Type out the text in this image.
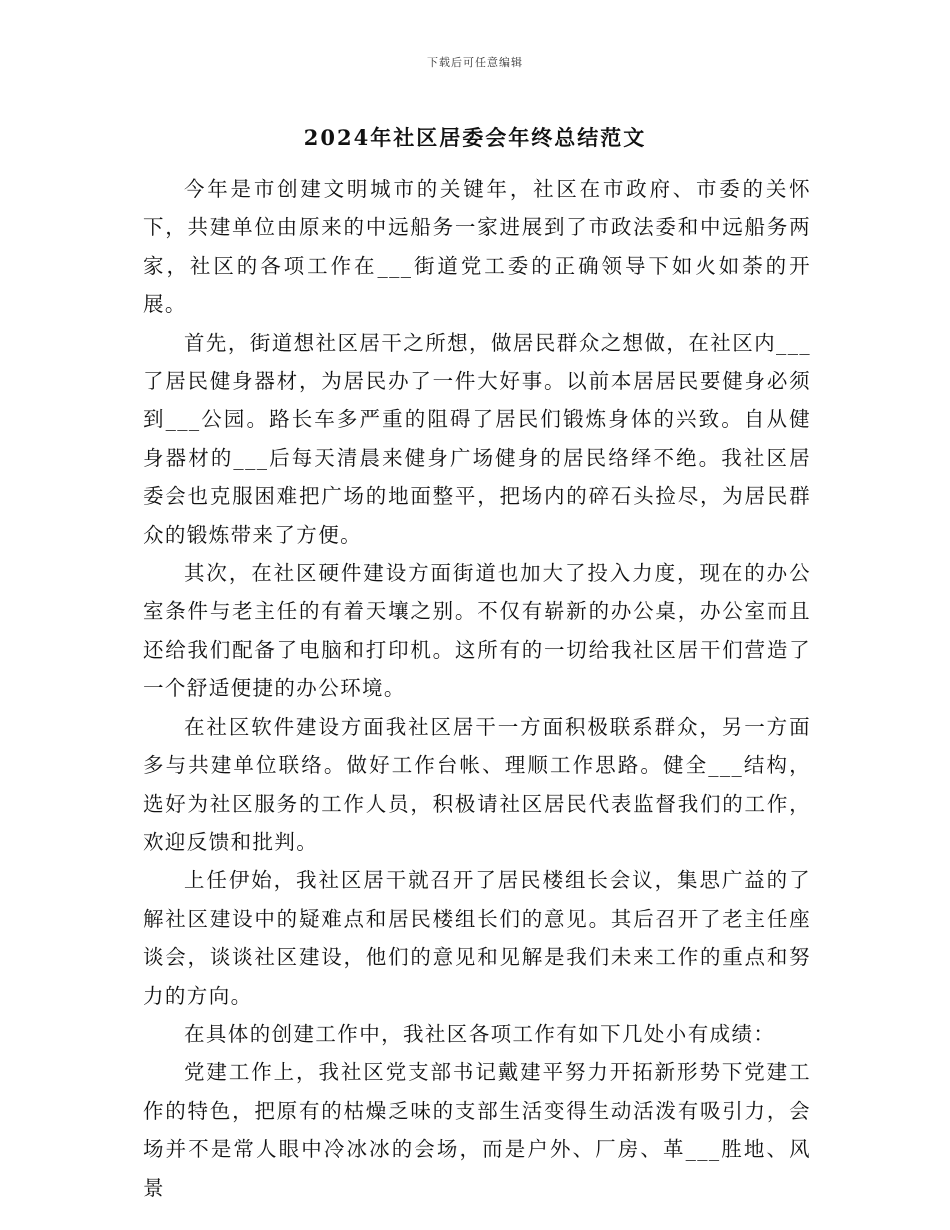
下载后可任意编辑
2024年社区居委会年终总结范文

今年是市创建文明城市的关键年，社区在市政府、市委的关怀下，共建单位由原来的中远船务一家进展到了市政法委和中远船务两家，社区的各项工作在___街道党工委的正确领导下如火如荼的开展。

首先，街道想社区居干之所想，做居民群众之想做，在社区内___了居民健身器材，为居民办了一件大好事。以前本居居民要健身必须到___公园。路长车多严重的阻碍了居民们锻炼身体的兴致。自从健身器材的___后每天清晨来健身广场健身的居民络绎不绝。我社区居委会也克服困难把广场的地面整平，把场内的碎石头捡尽，为居民群众的锻炼带来了方便。

其次，在社区硬件建设方面街道也加大了投入力度，现在的办公室条件与老主任的有着天壤之别。不仅有崭新的办公桌，办公室而且还给我们配备了电脑和打印机。这所有的一切给我社区居干们营造了一个舒适便捷的办公环境。

在社区软件建设方面我社区居干一方面积极联系群众，另一方面多与共建单位联络。做好工作台帐、理顺工作思路。健全___结构，选好为社区服务的工作人员，积极请社区居民代表监督我们的工作，欢迎反馈和批判。

上任伊始，我社区居干就召开了居民楼组长会议，集思广益的了解社区建设中的疑难点和居民楼组长们的意见。其后召开了老主任座谈会，谈谈社区建设，他们的意见和见解是我们未来工作的重点和努力的方向。

在具体的创建工作中，我社区各项工作有如下几处小有成绩：

党建工作上，我社区党支部书记戴建平努力开拓新形势下党建工作的特色，把原有的枯燥乏味的支部生活变得生动活泼有吸引力，会场并不是常人眼中冷冰冰的会场，而是户外、厂房、革___胜地、风景
